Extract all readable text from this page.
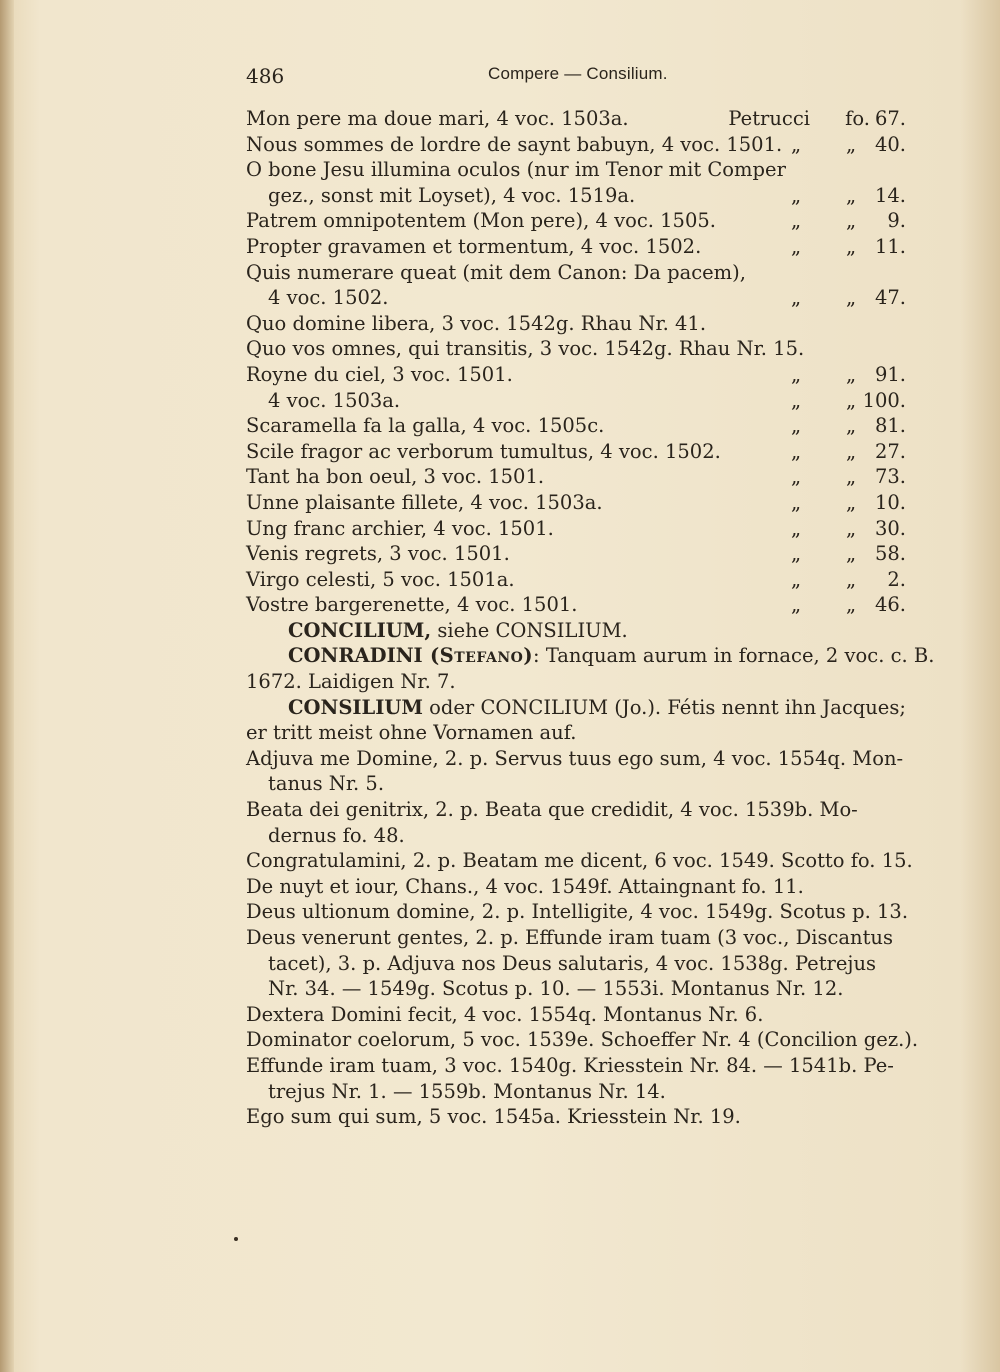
486	Compere — Consilium.
Mon pere ma doue mari, 4 voc. 1503a.	Petrucci fo. 67.
Nous sommes de lordre de saynt babuyn, 4 voc. 1501. „ „ 40.
O bone Jesu illumina oculos (nur im Tenor mit Comper
gez., sonst mit Loyset), 4 voc. 1519a.	„ „ 14.
Patrem omnipotentem (Mon pere), 4 voc. 1505.	„ „ 9.
Propter gravamen et tormentum, 4 voc. 1502.	„ „ 11.
Quis numerare queat (mit dem Canon: Da pacem),
4 voc. 1502.	„ „ 47.
Quo domine libera, 3 voc. 1542g. Rhau Nr. 41.
Quo vos omnes, qui transitis, 3 voc. 1542g. Rhau Nr. 15.
Royne du ciel, 3 voc. 1501.	„ „ 91.
4 voc. 1503a.	„ „ 100.
Scaramella fa la galla, 4 voc. 1505c.	„ „ 81.
Scile fragor ac verborum tumultus, 4 voc. 1502.	„ „ 27.
Tant ha bon oeul, 3 voc. 1501.	„ „ 73.
Unne plaisante fillete, 4 voc. 1503a.	„ „ 10.
Ung franc archier, 4 voc. 1501.	„ „ 30.
Venis regrets, 3 voc. 1501.	„ „ 58.
Virgo celesti, 5 voc. 1501a.	„ „ 2.
Vostre bargerenette, 4 voc. 1501.	„ „ 46.
CONCILIUM, siehe CONSILIUM.
CONRADINI (Stefano): Tanquam aurum in fornace, 2 voc. c. B.
1672. Laidigen Nr. 7.
CONSILIUM oder CONCILIUM (Jo.). Fétis nennt ihn Jacques;
er tritt meist ohne Vornamen auf.
Adjuva me Domine, 2. p. Servus tuus ego sum, 4 voc. 1554q. Mon-
tanus Nr. 5.
Beata dei genitrix, 2. p. Beata que credidit, 4 voc. 1539b. Mo-
dernus fo. 48.
Congratulamini, 2. p. Beatam me dicent, 6 voc. 1549. Scotto fo. 15.
De nuyt et iour, Chans., 4 voc. 1549f. Attaingnant fo. 11.
Deus ultionum domine, 2. p. Intelligite, 4 voc. 1549g. Scotus p. 13.
Deus venerunt gentes, 2. p. Effunde iram tuam (3 voc., Discantus
tacet), 3. p. Adjuva nos Deus salutaris, 4 voc. 1538g. Petrejus
Nr. 34. — 1549g. Scotus p. 10. — 1553i. Montanus Nr. 12.
Dextera Domini fecit, 4 voc. 1554q. Montanus Nr. 6.
Dominator coelorum, 5 voc. 1539e. Schoeffer Nr. 4 (Concilion gez.).
Effunde iram tuam, 3 voc. 1540g. Kriesstein Nr. 84. — 1541b. Pe-
trejus Nr. 1. — 1559b. Montanus Nr. 14.
Ego sum qui sum, 5 voc. 1545a. Kriesstein Nr. 19.
